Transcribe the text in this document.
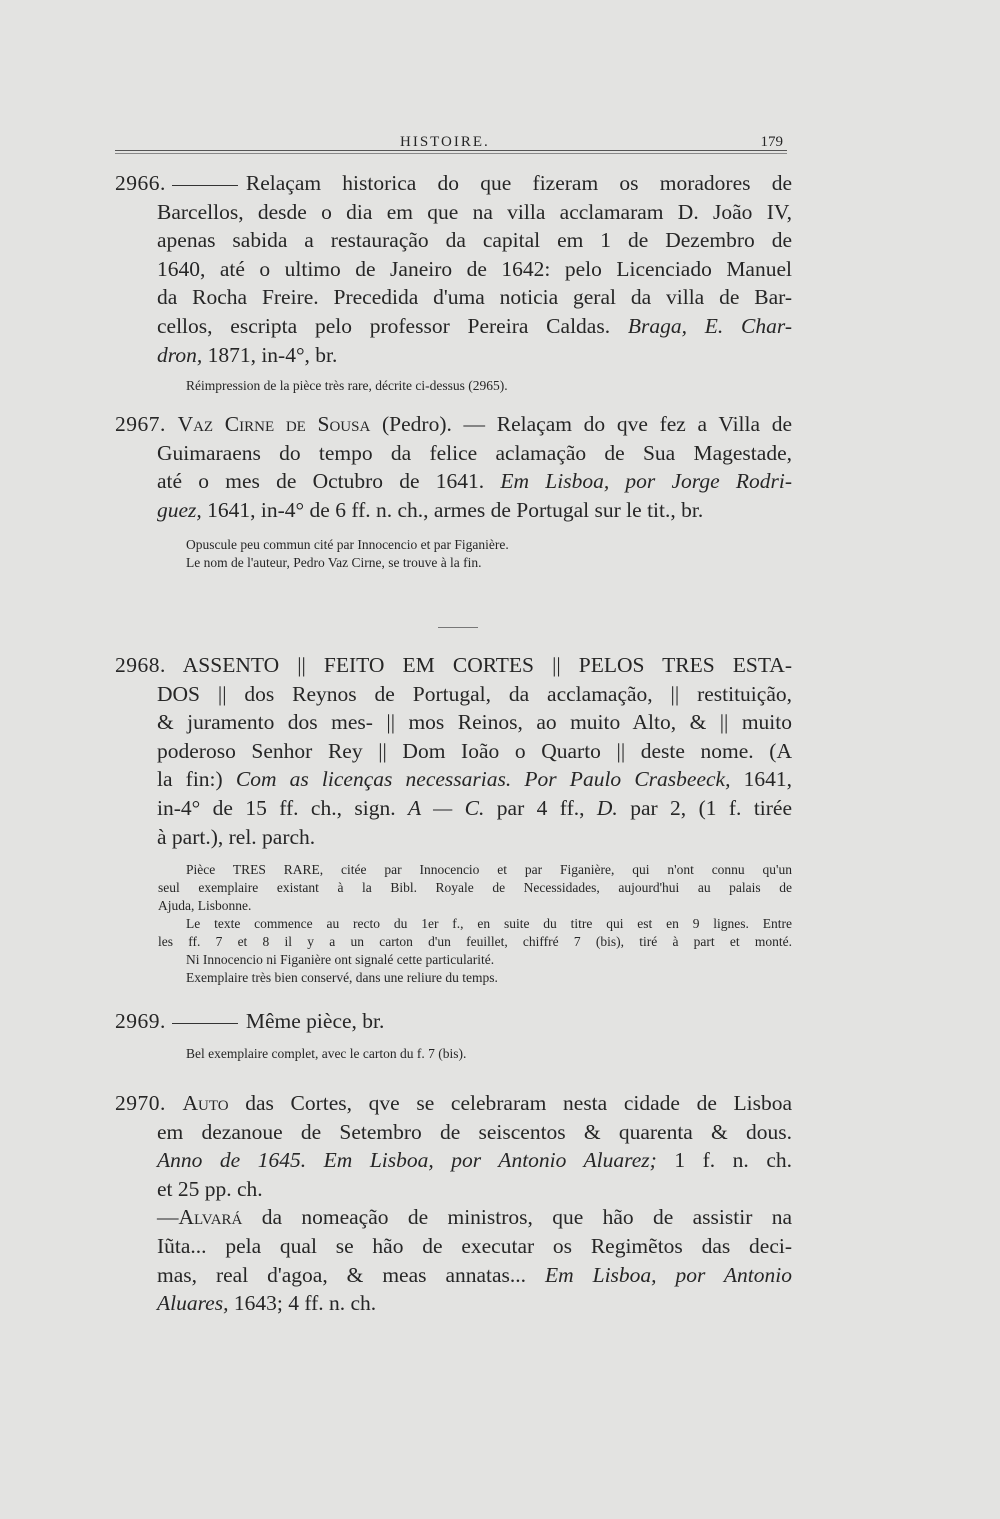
HISTOIRE.	179
2966.	Relaçam historica do que fizeram os moradores de
Barcellos, desde o dia em que na villa acclamaram D. João IV,
apenas sabida a restauração da capital em 1 de Dezembro de
1640, até o ultimo de Janeiro de 1642: pelo Licenciado Manuel
da Rocha Freire. Precedida d'uma noticia geral da villa de Bar-
cellos, escripta pelo professor Pereira Caldas. Braga, E. Char-
dron, 1871, in-4°, br.
Réimpression de la pièce très rare, décrite ci-dessus (2965).
2967. Vaz Cirne de Sousa (Pedro). — Relaçam do qve fez a Villa de
Guimaraens do tempo da felice aclamação de Sua Magestade,
até o mes de Octubro de 1641. Em Lisboa, por Jorge Rodri-
guez, 1641, in-4° de 6 ff. n. ch., armes de Portugal sur le tit., br.

Opuscule peu commun cité par Innocencio et par Figanière.

Le nom de l'auteur, Pedro Vaz Cirne, se trouve à la fin.

2968. ASSENTO || FEITO EM CORTES || PELOS TRES ESTA-
DOS || dos Reynos de Portugal, da acclamação, || restituição,
& juramento dos mes- || mos Reinos, ao muito Alto, & || muito
poderoso Senhor Rey || Dom Ioão o Quarto || deste nome. (A
la fin:) Com as licenças necessarias. Por Paulo Crasbeeck, 1641,
in-4° de 15 ff. ch., sign. A — C. par 4 ff., D. par 2, (1 f. tirée
à part.), rel. parch.

Pièce TRES RARE, citée par Innocencio et par Figanière, qui n'ont connu qu'un

seul exemplaire existant à la Bibl. Royale de Necessidades, aujourd'hui au palais de

Ajuda, Lisbonne.

Le texte commence au recto du 1er f., en suite du titre qui est en 9 lignes. Entre

les ff. 7 et 8 il y a un carton d'un feuillet, chiffré 7 (bis), tiré à part et monté.

Ni Innocencio ni Figanière ont signalé cette particularité.

Exemplaire très bien conservé, dans une reliure du temps.

2969.	Même pièce, br.
Bel exemplaire complet, avec le carton du f. 7 (bis).
2970. Auto das Cortes, qve se celebraram nesta cidade de Lisboa
em dezanoue de Setembro de seiscentos & quarenta & dous.
Anno de 1645. Em Lisboa, por Antonio Aluarez; 1 f. n. ch.
et 25 pp. ch.
—Alvará da nomeação de ministros, que hão de assistir na
Iũta... pela qual se hão de executar os Regimẽtos das deci-
mas, real d'agoa, & meas annatas... Em Lisboa, por Antonio
Aluares, 1643; 4 ff. n. ch.
